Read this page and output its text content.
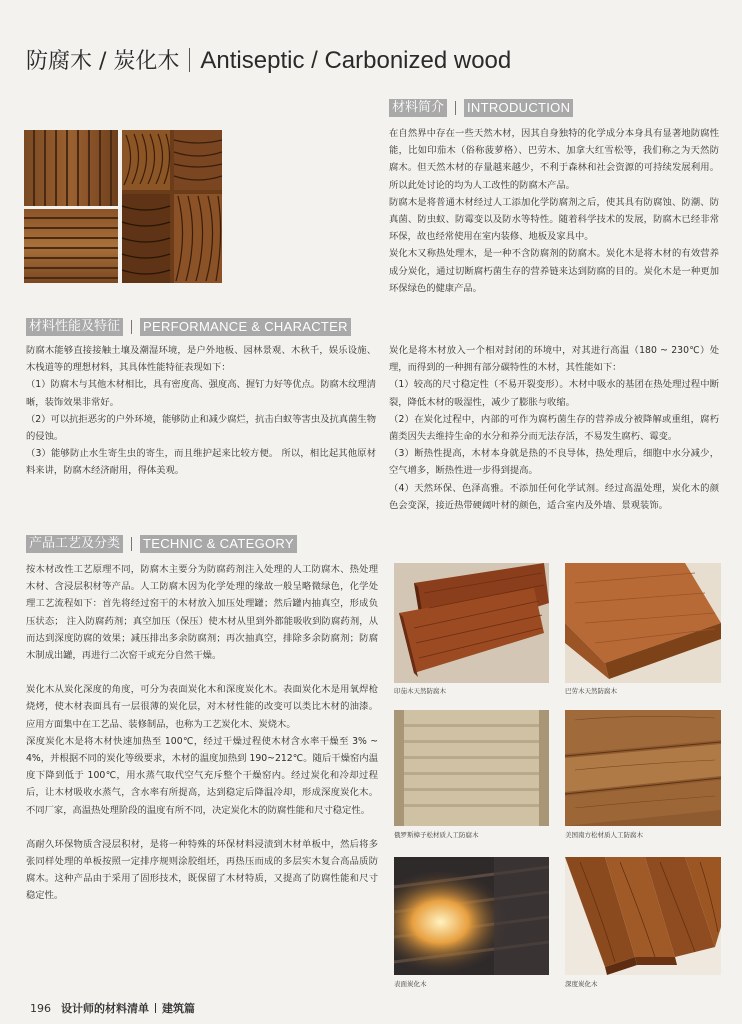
防腐木 / 炭化木 Antiseptic / Carbonized wood
材料简介 INTRODUCTION

在自然界中存在一些天然木材，因其自身独特的化学成分本身具有显著地防腐性能，比如印茄木（俗称菠萝格）、巴劳木、加拿大红雪松等，我们称之为天然防腐木。但天然木材的存量越来越少，不利于森林和社会资源的可持续发展利用。所以此处讨论的均为人工改性的防腐木产品。

防腐木是将普通木材经过人工添加化学防腐剂之后，使其具有防腐蚀、防潮、防真菌、防虫蚁、防霉变以及防水等特性。随着科学技术的发展，防腐木已经非常环保，故也经常使用在室内装修、地板及家具中。

炭化木又称热处理木，是一种不含防腐剂的防腐木。炭化木是将木材的有效营养成分炭化，通过切断腐朽菌生存的营养链来达到防腐的目的。炭化木是一种更加环保绿色的健康产品。

材料性能及特征 PERFORMANCE & CHARACTER

防腐木能够直接接触土壤及潮湿环境，是户外地板、园林景观、木秋千，娱乐设施、木栈道等的理想材料，其具体性能特征表现如下：

（1）防腐木与其他木材相比，具有密度高、强度高、握钉力好等优点。防腐木纹理清晰，装饰效果非常好。

（2）可以抗拒恶劣的户外环境，能够防止和减少腐烂，抗击白蚁等害虫及抗真菌生物的侵蚀。

（3）能够防止水生寄生虫的寄生，而且维护起来比较方便。 所以，相比起其他原材料来讲，防腐木经济耐用，得体美观。

炭化是将木材放入一个相对封闭的环境中，对其进行高温（180 ~ 230℃）处理，而得到的一种拥有部分碳特性的木材，其性能如下：

（1）较高的尺寸稳定性（不易开裂变形）。木材中吸水的基团在热处理过程中断裂，降低木材的吸湿性，减少了膨胀与收缩。

（2）在炭化过程中，内部的可作为腐朽菌生存的营养成分被降解或重组，腐朽菌类因失去维持生命的水分和养分而无法存活，不易发生腐朽、霉变。

（3）断热性提高，木材本身就是热的不良导体，热处理后，细胞中水分减少，空气增多，断热性进一步得到提高。

（4）天然环保、色泽高雅。不添加任何化学试剂。经过高温处理，炭化木的颜色会变深，接近热带硬阔叶材的颜色，适合室内及外墙、景观装饰。

产品工艺及分类 TECHNIC & CATEGORY

按木材改性工艺原理不同，防腐木主要分为防腐药剂注入处理的人工防腐木、热处理木材、含浸层积材等产品。人工防腐木因为化学处理的缘故一般呈略微绿色，化学处理工艺流程如下：首先将经过窑干的木材放入加压处理罐；然后罐内抽真空，形成负压状态； 注入防腐药剂；真空加压（保压）使木材从里到外都能吸收到防腐药剂，从而达到深度防腐的效果；减压排出多余防腐剂；再次抽真空，排除多余防腐剂；防腐木制成出罐，再进行二次窑干或充分自然干燥。

炭化木从炭化深度的角度，可分为表面炭化木和深度炭化木。表面炭化木是用氧焊枪烧烤，使木材表面具有一层很薄的炭化层，对木材性能的改变可以类比木材的油漆。应用方面集中在工艺品、装修制品，也称为工艺炭化木、炭烧木。

深度炭化木是将木材快速加热至 100℃，经过干燥过程使木材含水率干燥至 3% ~ 4%，并根据不同的炭化等级要求，木材的温度加热到 190~212℃。随后干燥窑内温度下降到低于 100℃，用水蒸气取代空气充斥整个干燥窑内。经过炭化和冷却过程后，让木材吸收水蒸气，含水率有所提高，达到稳定后降温冷却，形成深度炭化木。不同厂家，高温热处理阶段的温度有所不同，决定炭化木的防腐性能和尺寸稳定性。

高耐久环保物质含浸层积材，是将一种特殊的环保材料浸渍到木材单板中，然后将多张同样处理的单板按照一定排序规则涂胶组坯，再热压而成的多层实木复合高品质防腐木。这种产品由于采用了固形技术，既保留了木材特质，又提高了防腐性能和尺寸稳定性。

印茄木天然防腐木	巴劳木天然防腐木
俄罗斯樟子松材质人工防腐木	美国南方松材质人工防腐木
表面炭化木	深度炭化木
196 设计师的材料清单 建筑篇
